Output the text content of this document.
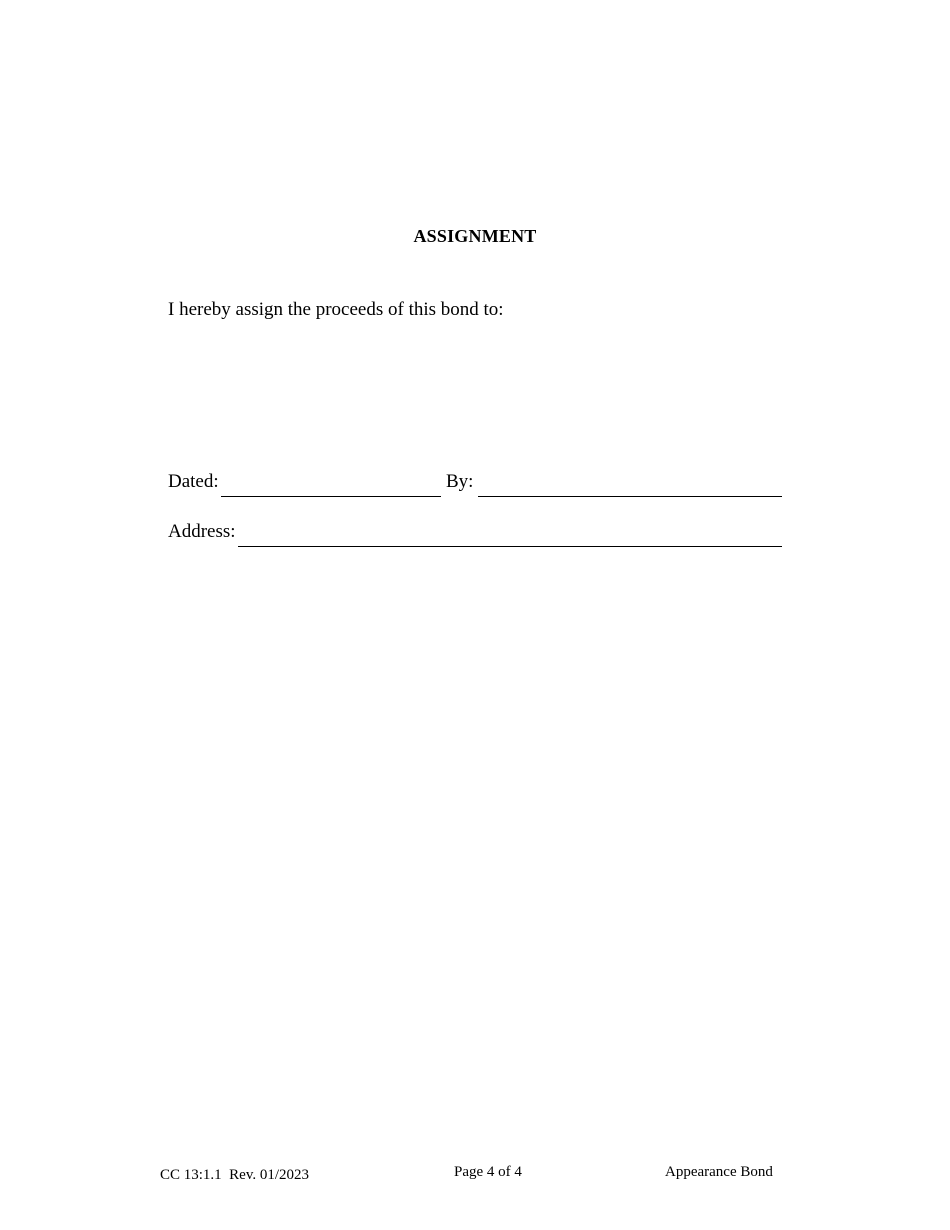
ASSIGNMENT
I hereby assign the proceeds of this bond to:
Dated:	By:
Address:
CC 13:1.1  Rev. 01/2023	Page 4 of 4	Appearance Bond
